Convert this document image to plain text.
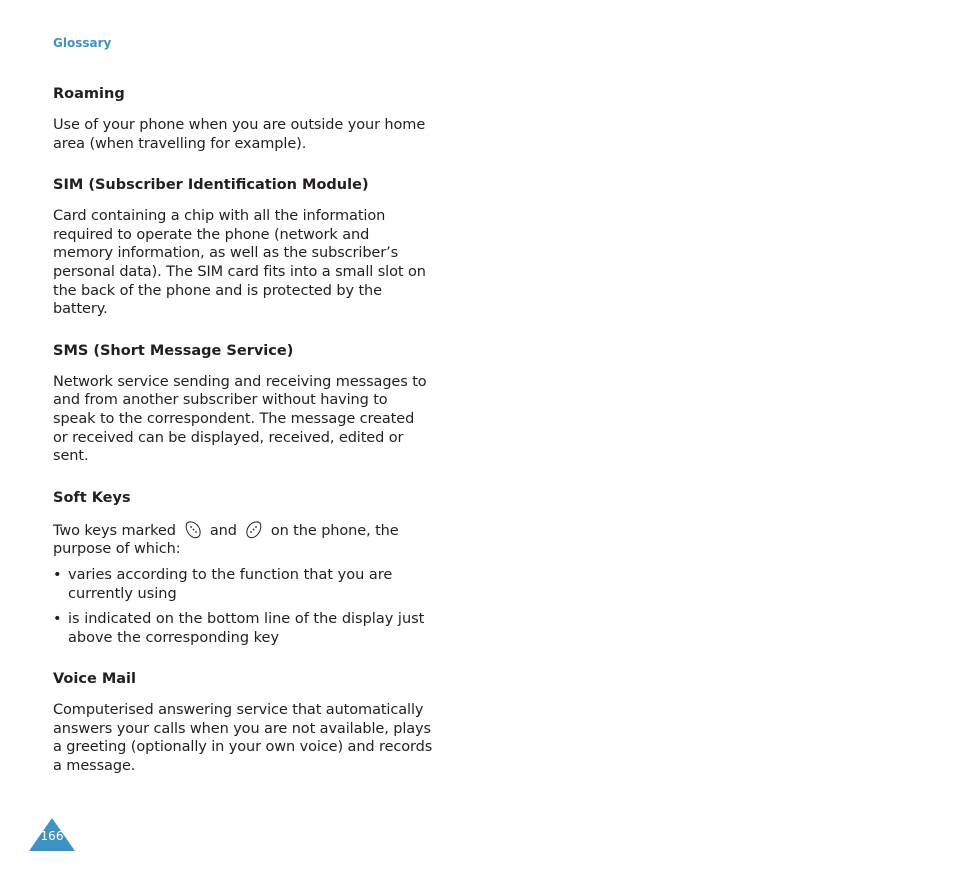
Glossary
Roaming
Use of your phone when you are outside your home area (when travelling for example).
SIM (Subscriber Identification Module)
Card containing a chip with all the information required to operate the phone (network and memory information, as well as the subscriber’s personal data). The SIM card fits into a small slot on the back of the phone and is protected by the battery.
SMS (Short Message Service)
Network service sending and receiving messages to and from another subscriber without having to speak to the correspondent. The message created or received can be displayed, received, edited or sent.
Soft Keys
Two keys marked and on the phone, the purpose of which:
• varies according to the function that you are currently using
• is indicated on the bottom line of the display just above the corresponding key
Voice Mail
Computerised answering service that automatically answers your calls when you are not available, plays a greeting (optionally in your own voice) and records a message.
166
